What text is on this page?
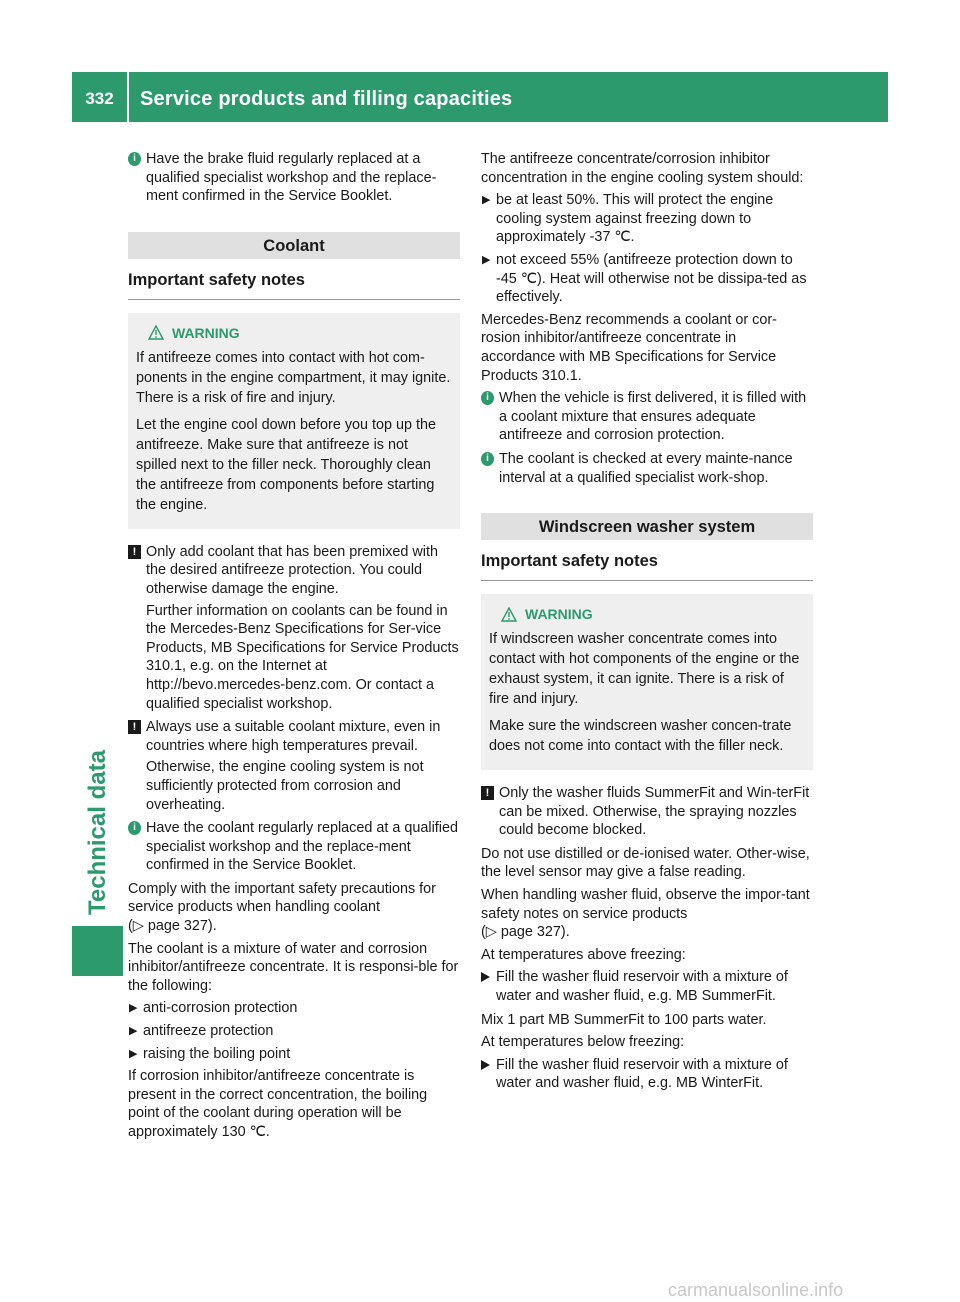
332	Service products and filling capacities
Technical data
i Have the brake fluid regularly replaced at a qualified specialist workshop and the replace-ment confirmed in the Service Booklet.
Coolant
Important safety notes
WARNING

If antifreeze comes into contact with hot com-ponents in the engine compartment, it may ignite. There is a risk of fire and injury.

Let the engine cool down before you top up the antifreeze. Make sure that antifreeze is not spilled next to the filler neck. Thoroughly clean the antifreeze from components before starting the engine.

! Only add coolant that has been premixed with the desired antifreeze protection. You could otherwise damage the engine.
Further information on coolants can be found in the Mercedes-Benz Specifications for Ser-vice Products, MB Specifications for Service Products 310.1, e.g. on the Internet at http://bevo.mercedes-benz.com. Or contact a qualified specialist workshop.
! Always use a suitable coolant mixture, even in countries where high temperatures prevail.
Otherwise, the engine cooling system is not sufficiently protected from corrosion and overheating.
i Have the coolant regularly replaced at a qualified specialist workshop and the replace-ment confirmed in the Service Booklet.

Comply with the important safety precautions for service products when handling coolant
(▷ page 327).

The coolant is a mixture of water and corrosion inhibitor/antifreeze concentrate. It is responsi-ble for the following:

▶ anti-corrosion protection
▶ antifreeze protection
▶ raising the boiling point

If corrosion inhibitor/antifreeze concentrate is present in the correct concentration, the boiling point of the coolant during operation will be approximately 130 ℃.

The antifreeze concentrate/corrosion inhibitor concentration in the engine cooling system should:

▶ be at least 50%. This will protect the engine cooling system against freezing down to approximately -37 ℃.
▶ not exceed 55% (antifreeze protection down to -45 ℃). Heat will otherwise not be dissipa-ted as effectively.

Mercedes-Benz recommends a coolant or cor-rosion inhibitor/antifreeze concentrate in accordance with MB Specifications for Service Products 310.1.

i When the vehicle is first delivered, it is filled with a coolant mixture that ensures adequate antifreeze and corrosion protection.
i The coolant is checked at every mainte-nance interval at a qualified specialist work-shop.
Windscreen washer system
Important safety notes
WARNING

If windscreen washer concentrate comes into contact with hot components of the engine or the exhaust system, it can ignite. There is a risk of fire and injury.

Make sure the windscreen washer concen-trate does not come into contact with the filler neck.

! Only the washer fluids SummerFit and Win-terFit can be mixed. Otherwise, the spraying nozzles could become blocked.

Do not use distilled or de-ionised water. Other-wise, the level sensor may give a false reading.

When handling washer fluid, observe the impor-tant safety notes on service products
(▷ page 327).

At temperatures above freezing:

Fill the washer fluid reservoir with a mixture of water and washer fluid, e.g. MB SummerFit.

Mix 1 part MB SummerFit to 100 parts water.

At temperatures below freezing:

Fill the washer fluid reservoir with a mixture of water and washer fluid, e.g. MB WinterFit.
carmanualsonline.info
